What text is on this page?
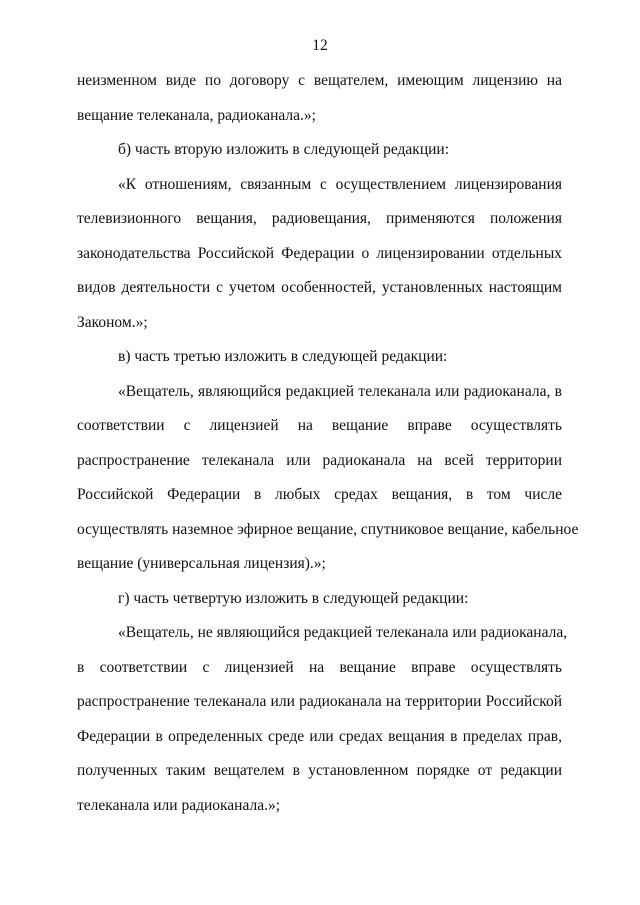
12
неизменном виде по договору с вещателем, имеющим лицензию на
вещание телеканала, радиоканала.»;
б) часть вторую изложить в следующей редакции:
«К отношениям, связанным с осуществлением лицензирования
телевизионного вещания, радиовещания, применяются положения
законодательства Российской Федерации о лицензировании отдельных
видов деятельности с учетом особенностей, установленных настоящим
Законом.»;
в) часть третью изложить в следующей редакции:
«Вещатель, являющийся редакцией телеканала или радиоканала, в
соответствии с лицензией на вещание вправе осуществлять
распространение телеканала или радиоканала на всей территории
Российской Федерации в любых средах вещания, в том числе
осуществлять наземное эфирное вещание, спутниковое вещание, кабельное
вещание (универсальная лицензия).»;
г) часть четвертую изложить в следующей редакции:
«Вещатель, не являющийся редакцией телеканала или радиоканала,
в соответствии с лицензией на вещание вправе осуществлять
распространение телеканала или радиоканала на территории Российской
Федерации в определенных среде или средах вещания в пределах прав,
полученных таким вещателем в установленном порядке от редакции
телеканала или радиоканала.»;
